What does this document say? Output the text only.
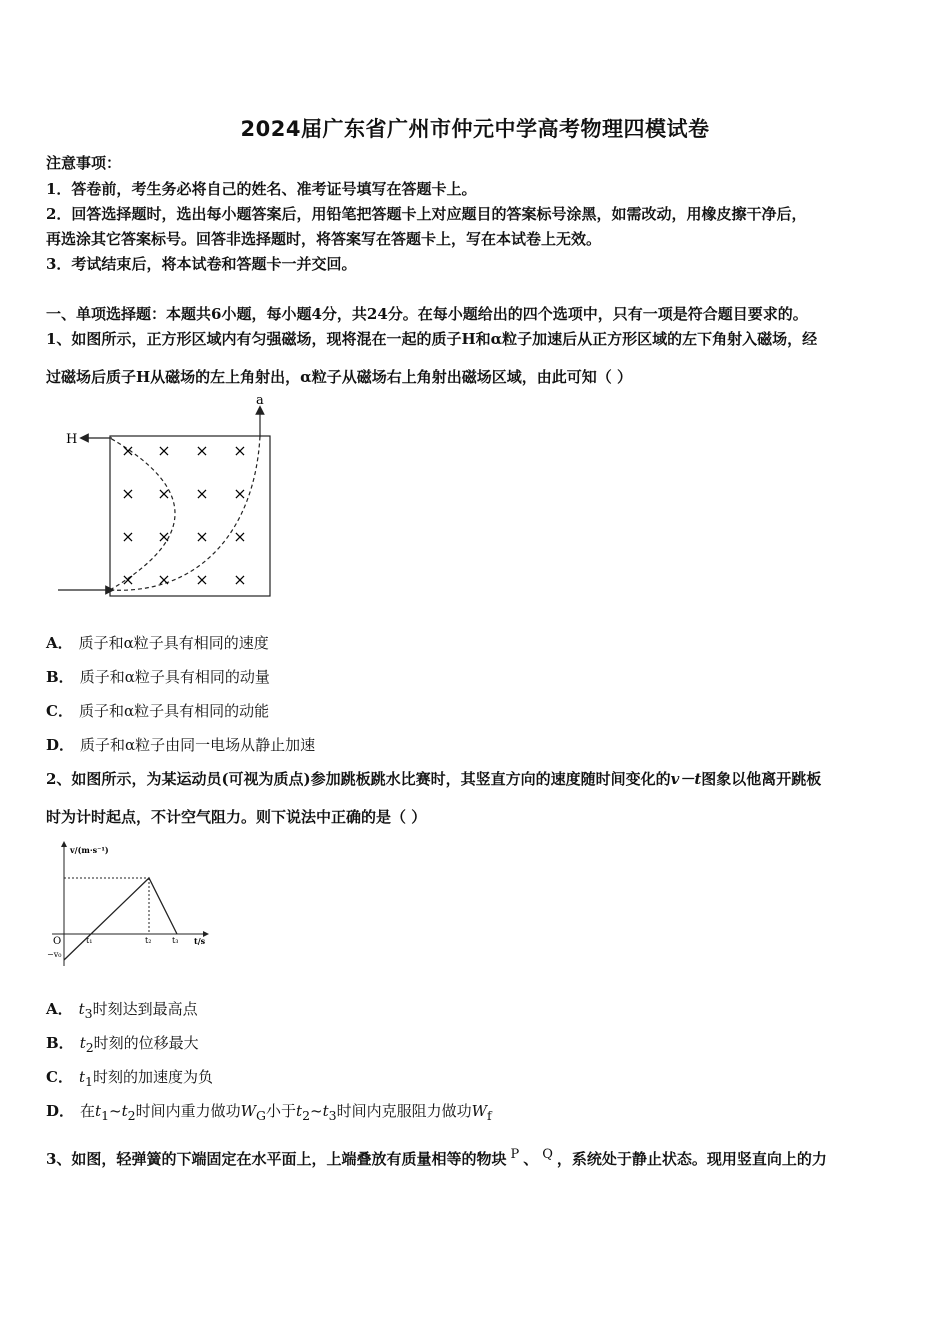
2024届广东省广州市仲元中学高考物理四模试卷
注意事项：
1．答卷前，考生务必将自己的姓名、准考证号填写在答题卡上。
2．回答选择题时，选出每小题答案后，用铅笔把答题卡上对应题目的答案标号涂黑，如需改动，用橡皮擦干净后，
再选涂其它答案标号。回答非选择题时，将答案写在答题卡上，写在本试卷上无效。
3．考试结束后，将本试卷和答题卡一并交回。
一、单项选择题：本题共6小题，每小题4分，共24分。在每小题给出的四个选项中，只有一项是符合题目要求的。
1、如图所示，正方形区域内有匀强磁场，现将混在一起的质子H和α粒子加速后从正方形区域的左下角射入磁场，经
过磁场后质子H从磁场的左上角射出，α粒子从磁场右上角射出磁场区域，由此可知（ ）
H
a
× × × ×
× × × ×
× × × ×
× × × ×
A． 质子和α粒子具有相同的速度
B． 质子和α粒子具有相同的动量
C． 质子和α粒子具有相同的动能
D． 质子和α粒子由同一电场从静止加速
2、如图所示，为某运动员(可视为质点)参加跳板跳水比赛时，其竖直方向的速度随时间变化的v－t图象以他离开跳板
时为计时起点，不计空气阻力。则下说法中正确的是（ ）
v/(m·s⁻¹)
t/s
O
−v₀
t₁	t₂	t₃
A． $t_3$时刻达到最高点
B． $t_2$时刻的位移最大
C． $t_1$时刻的加速度为负
D． 在$t_1\sim t_2$时间内重力做功$W_G$小于$t_2\sim t_3$时间内克服阻力做功$W_f$
3、如图，轻弹簧的下端固定在水平面上，上端叠放有质量相等的物块 $^P$ 、 $^Q$ ，系统处于静止状态。现用竖直向上的力
